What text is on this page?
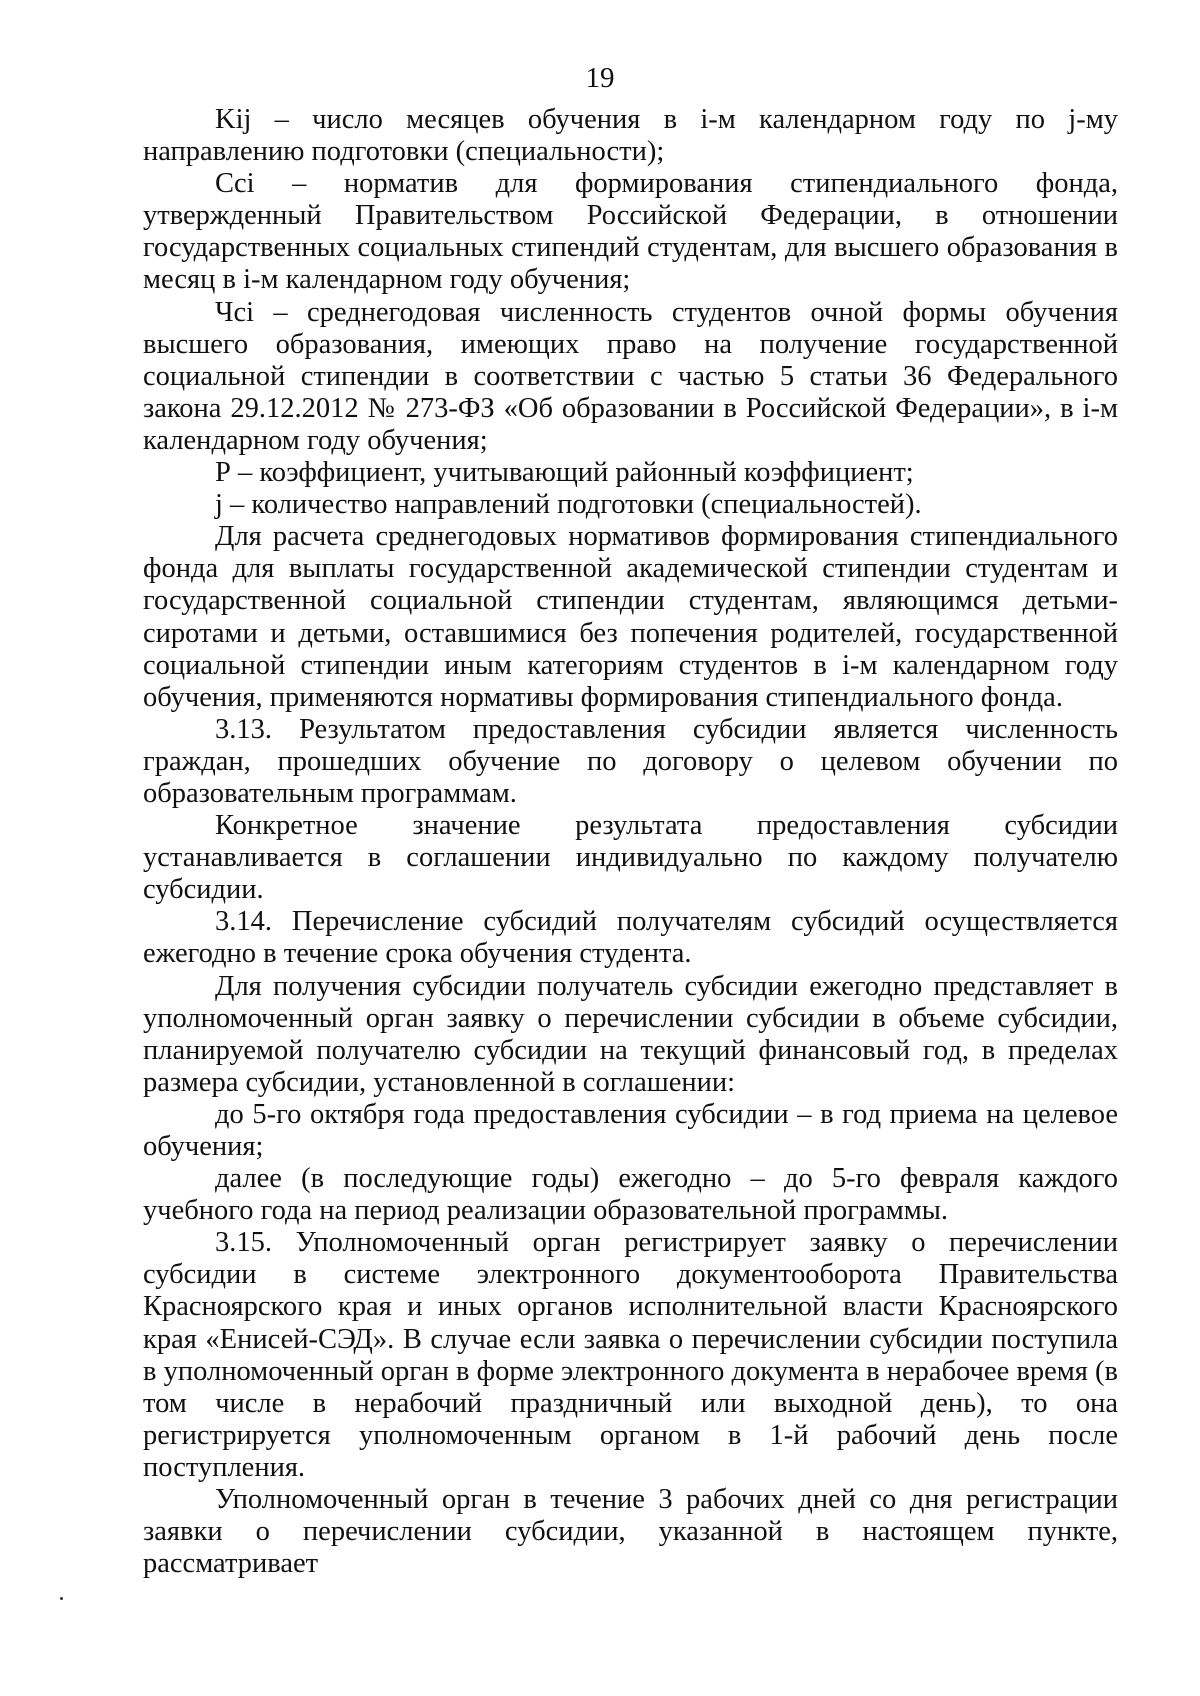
19

Kij – число месяцев обучения в i-м календарном году по j-му направлению подготовки (специальности);

Сci – норматив для формирования стипендиального фонда, утвержденный Правительством Российской Федерации, в отношении государственных социальных стипендий студентам, для высшего образования в месяц в i-м календарном году обучения;

Чсi – среднегодовая численность студентов очной формы обучения высшего образования, имеющих право на получение государственной социальной стипендии в соответствии с частью 5 статьи 36 Федерального закона 29.12.2012 № 273-ФЗ «Об образовании в Российской Федерации», в i-м календарном году обучения;

Р – коэффициент, учитывающий районный коэффициент;

j – количество направлений подготовки (специальностей).

Для расчета среднегодовых нормативов формирования стипендиального фонда для выплаты государственной академической стипендии студентам и государственной социальной стипендии студентам, являющимся детьми-сиротами и детьми, оставшимися без попечения родителей, государственной социальной стипендии иным категориям студентов в i-м календарном году обучения, применяются нормативы формирования стипендиального фонда.

3.13. Результатом предоставления субсидии является численность граждан, прошедших обучение по договору о целевом обучении по образовательным программам.

Конкретное значение результата предоставления субсидии устанавливается в соглашении индивидуально по каждому получателю субсидии.

3.14. Перечисление субсидий получателям субсидий осуществляется ежегодно в течение срока обучения студента.

Для получения субсидии получатель субсидии ежегодно представляет в уполномоченный орган заявку о перечислении субсидии в объеме субсидии, планируемой получателю субсидии на текущий финансовый год, в пределах размера субсидии, установленной в соглашении:

до 5-го октября года предоставления субсидии – в год приема на целевое обучения;

далее (в последующие годы) ежегодно – до 5-го февраля каждого учебного года на период реализации образовательной программы.

3.15. Уполномоченный орган регистрирует заявку о перечислении субсидии в системе электронного документооборота Правительства Красноярского края и иных органов исполнительной власти Красноярского края «Енисей-СЭД». В случае если заявка о перечислении субсидии поступила в уполномоченный орган в форме электронного документа в нерабочее время (в том числе в нерабочий праздничный или выходной день), то она регистрируется уполномоченным органом в 1-й рабочий день после поступления.

Уполномоченный орган в течение 3 рабочих дней со дня регистрации заявки о перечислении субсидии, указанной в настоящем пункте, рассматривает
